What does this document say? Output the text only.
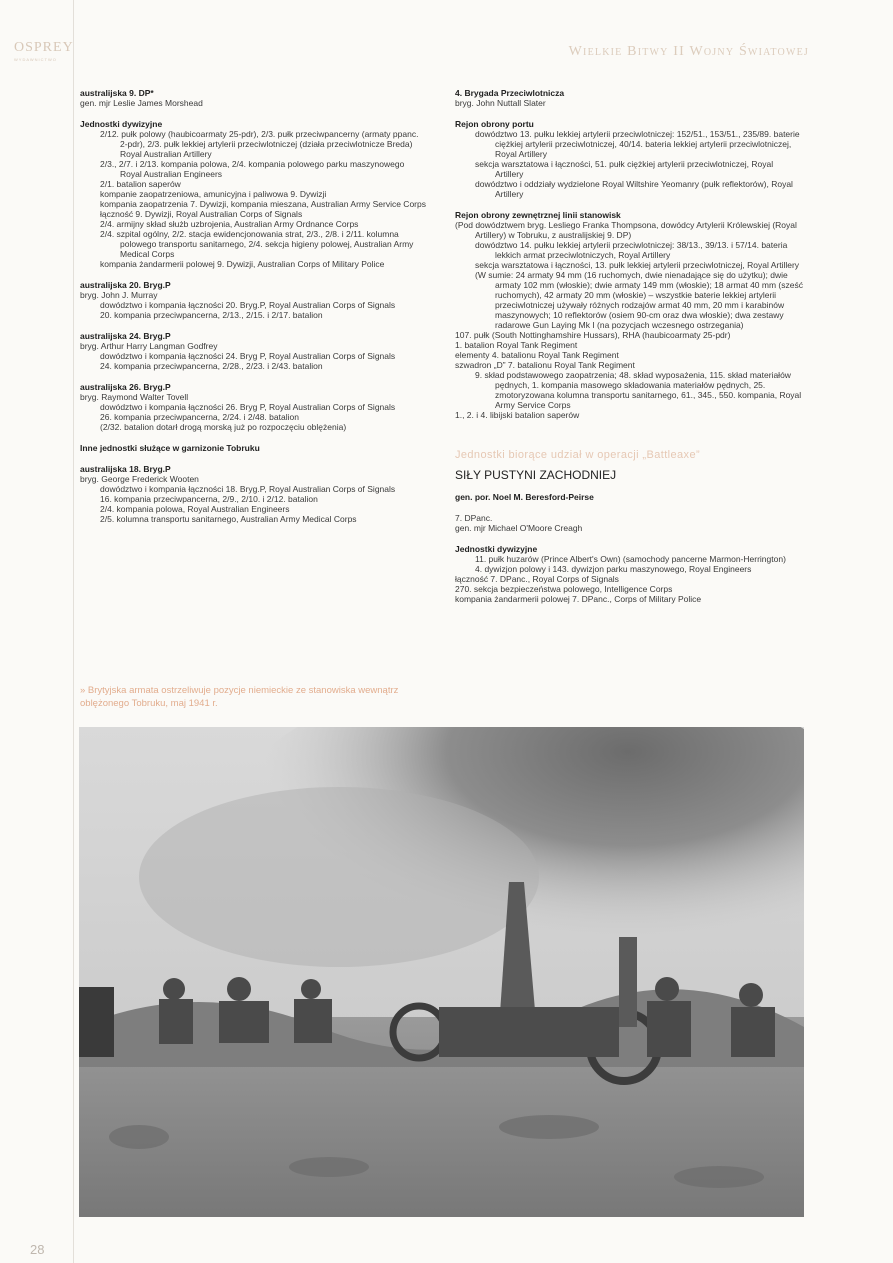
OSPREY
WYDAWNICTWO
Wielkie Bitwy II Wojny Światowej
australijska 9. DP*
gen. mjr Leslie James Morshead
Jednostki dywizyjne
2/12. pułk polowy (haubicoarmaty 25-pdr), 2/3. pułk przeciwpancerny (armaty ppanc. 2-pdr), 2/3. pułk lekkiej artylerii przeciwlotniczej (działa przeciwlotnicze Breda) Royal Australian Artillery
2/3., 2/7. i 2/13. kompania polowa, 2/4. kompania polowego parku maszynowego Royal Australian Engineers
2/1. batalion saperów
kompanie zaopatrzeniowa, amunicyjna i paliwowa 9. Dywizji
kompania zaopatrzenia 7. Dywizji, kompania mieszana, Australian Army Service Corps
łączność 9. Dywizji, Royal Australian Corps of Signals
2/4. armijny skład służb uzbrojenia, Australian Army Ordnance Corps
2/4. szpital ogólny, 2/2. stacja ewidencjonowania strat, 2/3., 2/8. i 2/11. kolumna polowego transportu sanitarnego, 2/4. sekcja higieny polowej, Australian Army Medical Corps
kompania żandarmerii polowej 9. Dywizji, Australian Corps of Military Police
australijska 20. Bryg.P
bryg. John J. Murray
dowództwo i kompania łączności 20. Bryg.P, Royal Australian Corps of Signals
20. kompania przeciwpancerna, 2/13., 2/15. i 2/17. batalion
australijska 24. Bryg.P
bryg. Arthur Harry Langman Godfrey
dowództwo i kompania łączności 24. Bryg P, Royal Australian Corps of Signals
24. kompania przeciwpancerna, 2/28., 2/23. i 2/43. batalion
australijska 26. Bryg.P
bryg. Raymond Walter Tovell
dowództwo i kompania łączności 26. Bryg P, Royal Australian Corps of Signals
26. kompania przeciwpancerna, 2/24. i 2/48. batalion
(2/32. batalion dotarł drogą morską już po rozpoczęciu oblężenia)
Inne jednostki służące w garnizonie Tobruku
australijska 18. Bryg.P
bryg. George Frederick Wooten
dowództwo i kompania łączności 18. Bryg.P, Royal Australian Corps of Signals
16. kompania przeciwpancerna, 2/9., 2/10. i 2/12. batalion
2/4. kompania polowa, Royal Australian Engineers
2/5. kolumna transportu sanitarnego, Australian Army Medical Corps
» Brytyjska armata ostrzeliwuje pozycje niemieckie ze stanowiska wewnątrz oblężonego Tobruku, maj 1941 r.
4. Brygada Przeciwlotnicza
bryg. John Nuttall Slater
Rejon obrony portu
dowództwo 13. pułku lekkiej artylerii przeciwlotniczej: 152/51., 153/51., 235/89. baterie ciężkiej artylerii przeciwlotniczej, 40/14. bateria lekkiej artylerii przeciwlotniczej, Royal Artillery
sekcja warsztatowa i łączności, 51. pułk ciężkiej artylerii przeciwlotniczej, Royal Artillery
dowództwo i oddziały wydzielone Royal Wiltshire Yeomanry (pułk reflektorów), Royal Artillery
Rejon obrony zewnętrznej linii stanowisk
(Pod dowództwem bryg. Lesliego Franka Thompsona, dowódcy Artylerii Królewskiej (Royal Artillery) w Tobruku, z australijskiej 9. DP)
dowództwo 14. pułku lekkiej artylerii przeciwlotniczej: 38/13., 39/13. i 57/14. bateria lekkich armat przeciwlotniczych, Royal Artillery
sekcja warsztatowa i łączności, 13. pułk lekkiej artylerii przeciwlotniczej, Royal Artillery
(W sumie: 24 armaty 94 mm (16 ruchomych, dwie nienadające się do użytku); dwie armaty 102 mm (włoskie); dwie armaty 149 mm (włoskie); 18 armat 40 mm (sześć ruchomych), 42 armaty 20 mm (włoskie) – wszystkie baterie lekkiej artylerii przeciwlotniczej używały różnych rodzajów armat 40 mm, 20 mm i karabinów maszynowych; 10 reflektorów (osiem 90-cm oraz dwa włoskie); dwa zestawy radarowe Gun Laying Mk I (na pozycjach wczesnego ostrzegania)
107. pułk (South Nottinghamshire Hussars), RHA (haubicoarmaty 25-pdr)
1. batalion Royal Tank Regiment
elementy 4. batalionu Royal Tank Regiment
szwadron „D” 7. batalionu Royal Tank Regiment
9. skład podstawowego zaopatrzenia; 48. skład wyposażenia, 115. skład materiałów pędnych, 1. kompania masowego składowania materiałów pędnych, 25. zmotoryzowana kolumna transportu sanitarnego, 61., 345., 550. kompania, Royal Army Service Corps
1., 2. i 4. libijski batalion saperów
Jednostki biorące udział w operacji „Battleaxe”
SIŁY PUSTYNI ZACHODNIEJ
gen. por. Noel M. Beresford-Peirse
7. DPanc.
gen. mjr Michael O'Moore Creagh
Jednostki dywizyjne
11. pułk huzarów (Prince Albert's Own) (samochody pancerne Marmon-Herrington)
4. dywizjon polowy i 143. dywizjon parku maszynowego, Royal Engineers
łączność 7. DPanc., Royal Corps of Signals
270. sekcja bezpieczeństwa polowego, Intelligence Corps
kompania żandarmerii polowej 7. DPanc., Corps of Military Police
28
